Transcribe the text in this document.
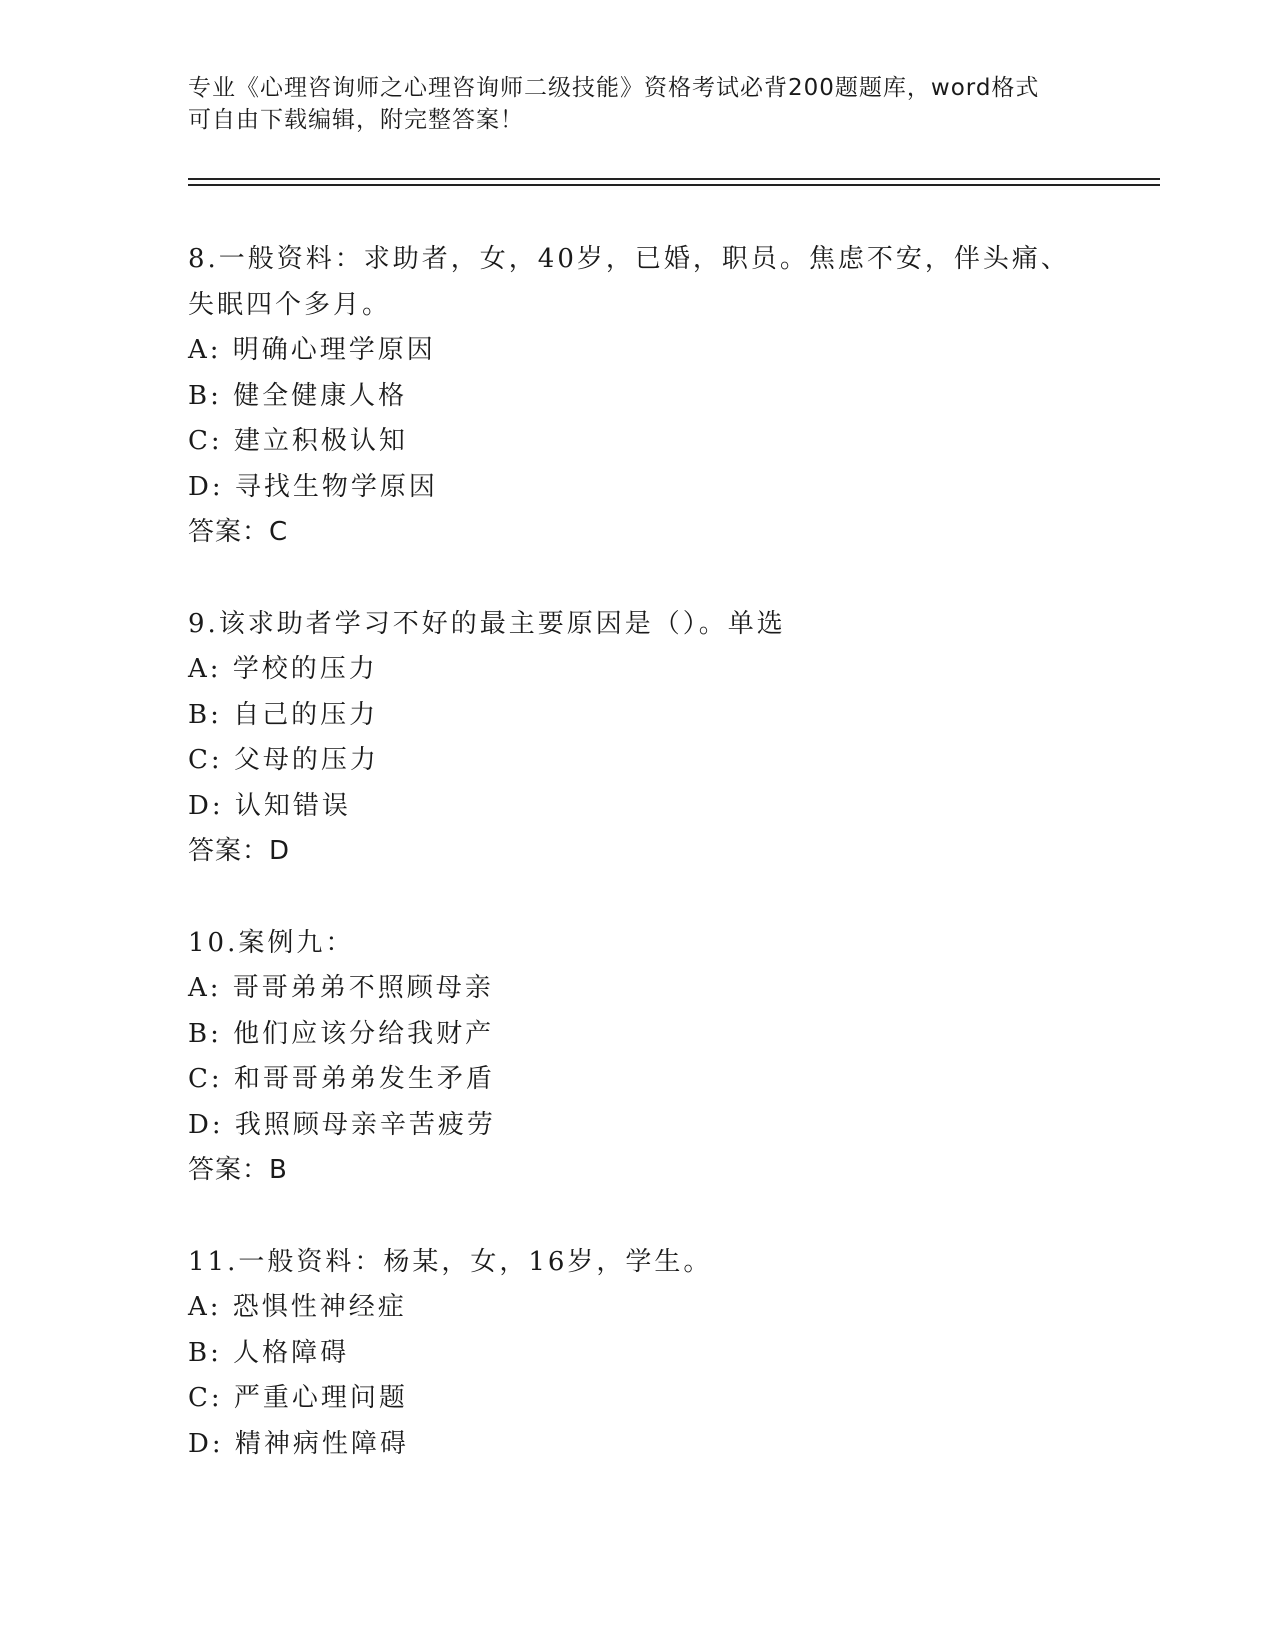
专业《心理咨询师之心理咨询师二级技能》资格考试必背200题题库，word格式
可自由下载编辑，附完整答案！

8.一般资料：求助者，女，40岁，已婚，职员。焦虑不安，伴头痛、

失眠四个多月。

A: 明确心理学原因

B: 健全健康人格

C: 建立积极认知

D: 寻找生物学原因

答案：C

9.该求助者学习不好的最主要原因是（）。单选

A: 学校的压力

B: 自己的压力

C: 父母的压力

D: 认知错误

答案：D

10.案例九：

A: 哥哥弟弟不照顾母亲

B: 他们应该分给我财产

C: 和哥哥弟弟发生矛盾

D: 我照顾母亲辛苦疲劳

答案：B

11.一般资料：杨某，女，16岁，学生。

A: 恐惧性神经症

B: 人格障碍

C: 严重心理问题

D: 精神病性障碍
